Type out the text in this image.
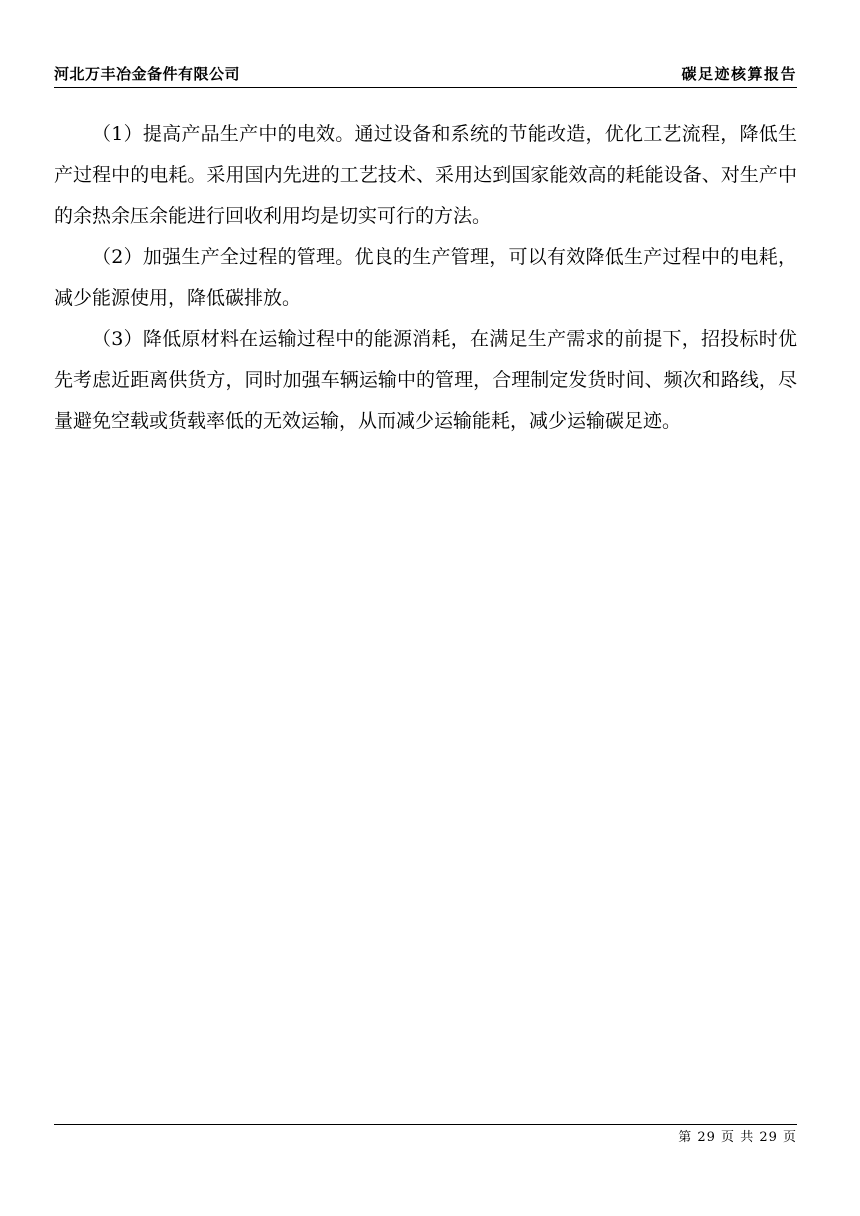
河北万丰冶金备件有限公司	碳足迹核算报告

（1）提高产品生产中的电效。通过设备和系统的节能改造，优化工艺流程，降低生产过程中的电耗。采用国内先进的工艺技术、采用达到国家能效高的耗能设备、对生产中的余热余压余能进行回收利用均是切实可行的方法。

（2）加强生产全过程的管理。优良的生产管理，可以有效降低生产过程中的电耗，减少能源使用，降低碳排放。

（3）降低原材料在运输过程中的能源消耗，在满足生产需求的前提下，招投标时优先考虑近距离供货方，同时加强车辆运输中的管理，合理制定发货时间、频次和路线，尽量避免空载或货载率低的无效运输，从而减少运输能耗，减少运输碳足迹。

第 29 页 共 29 页
